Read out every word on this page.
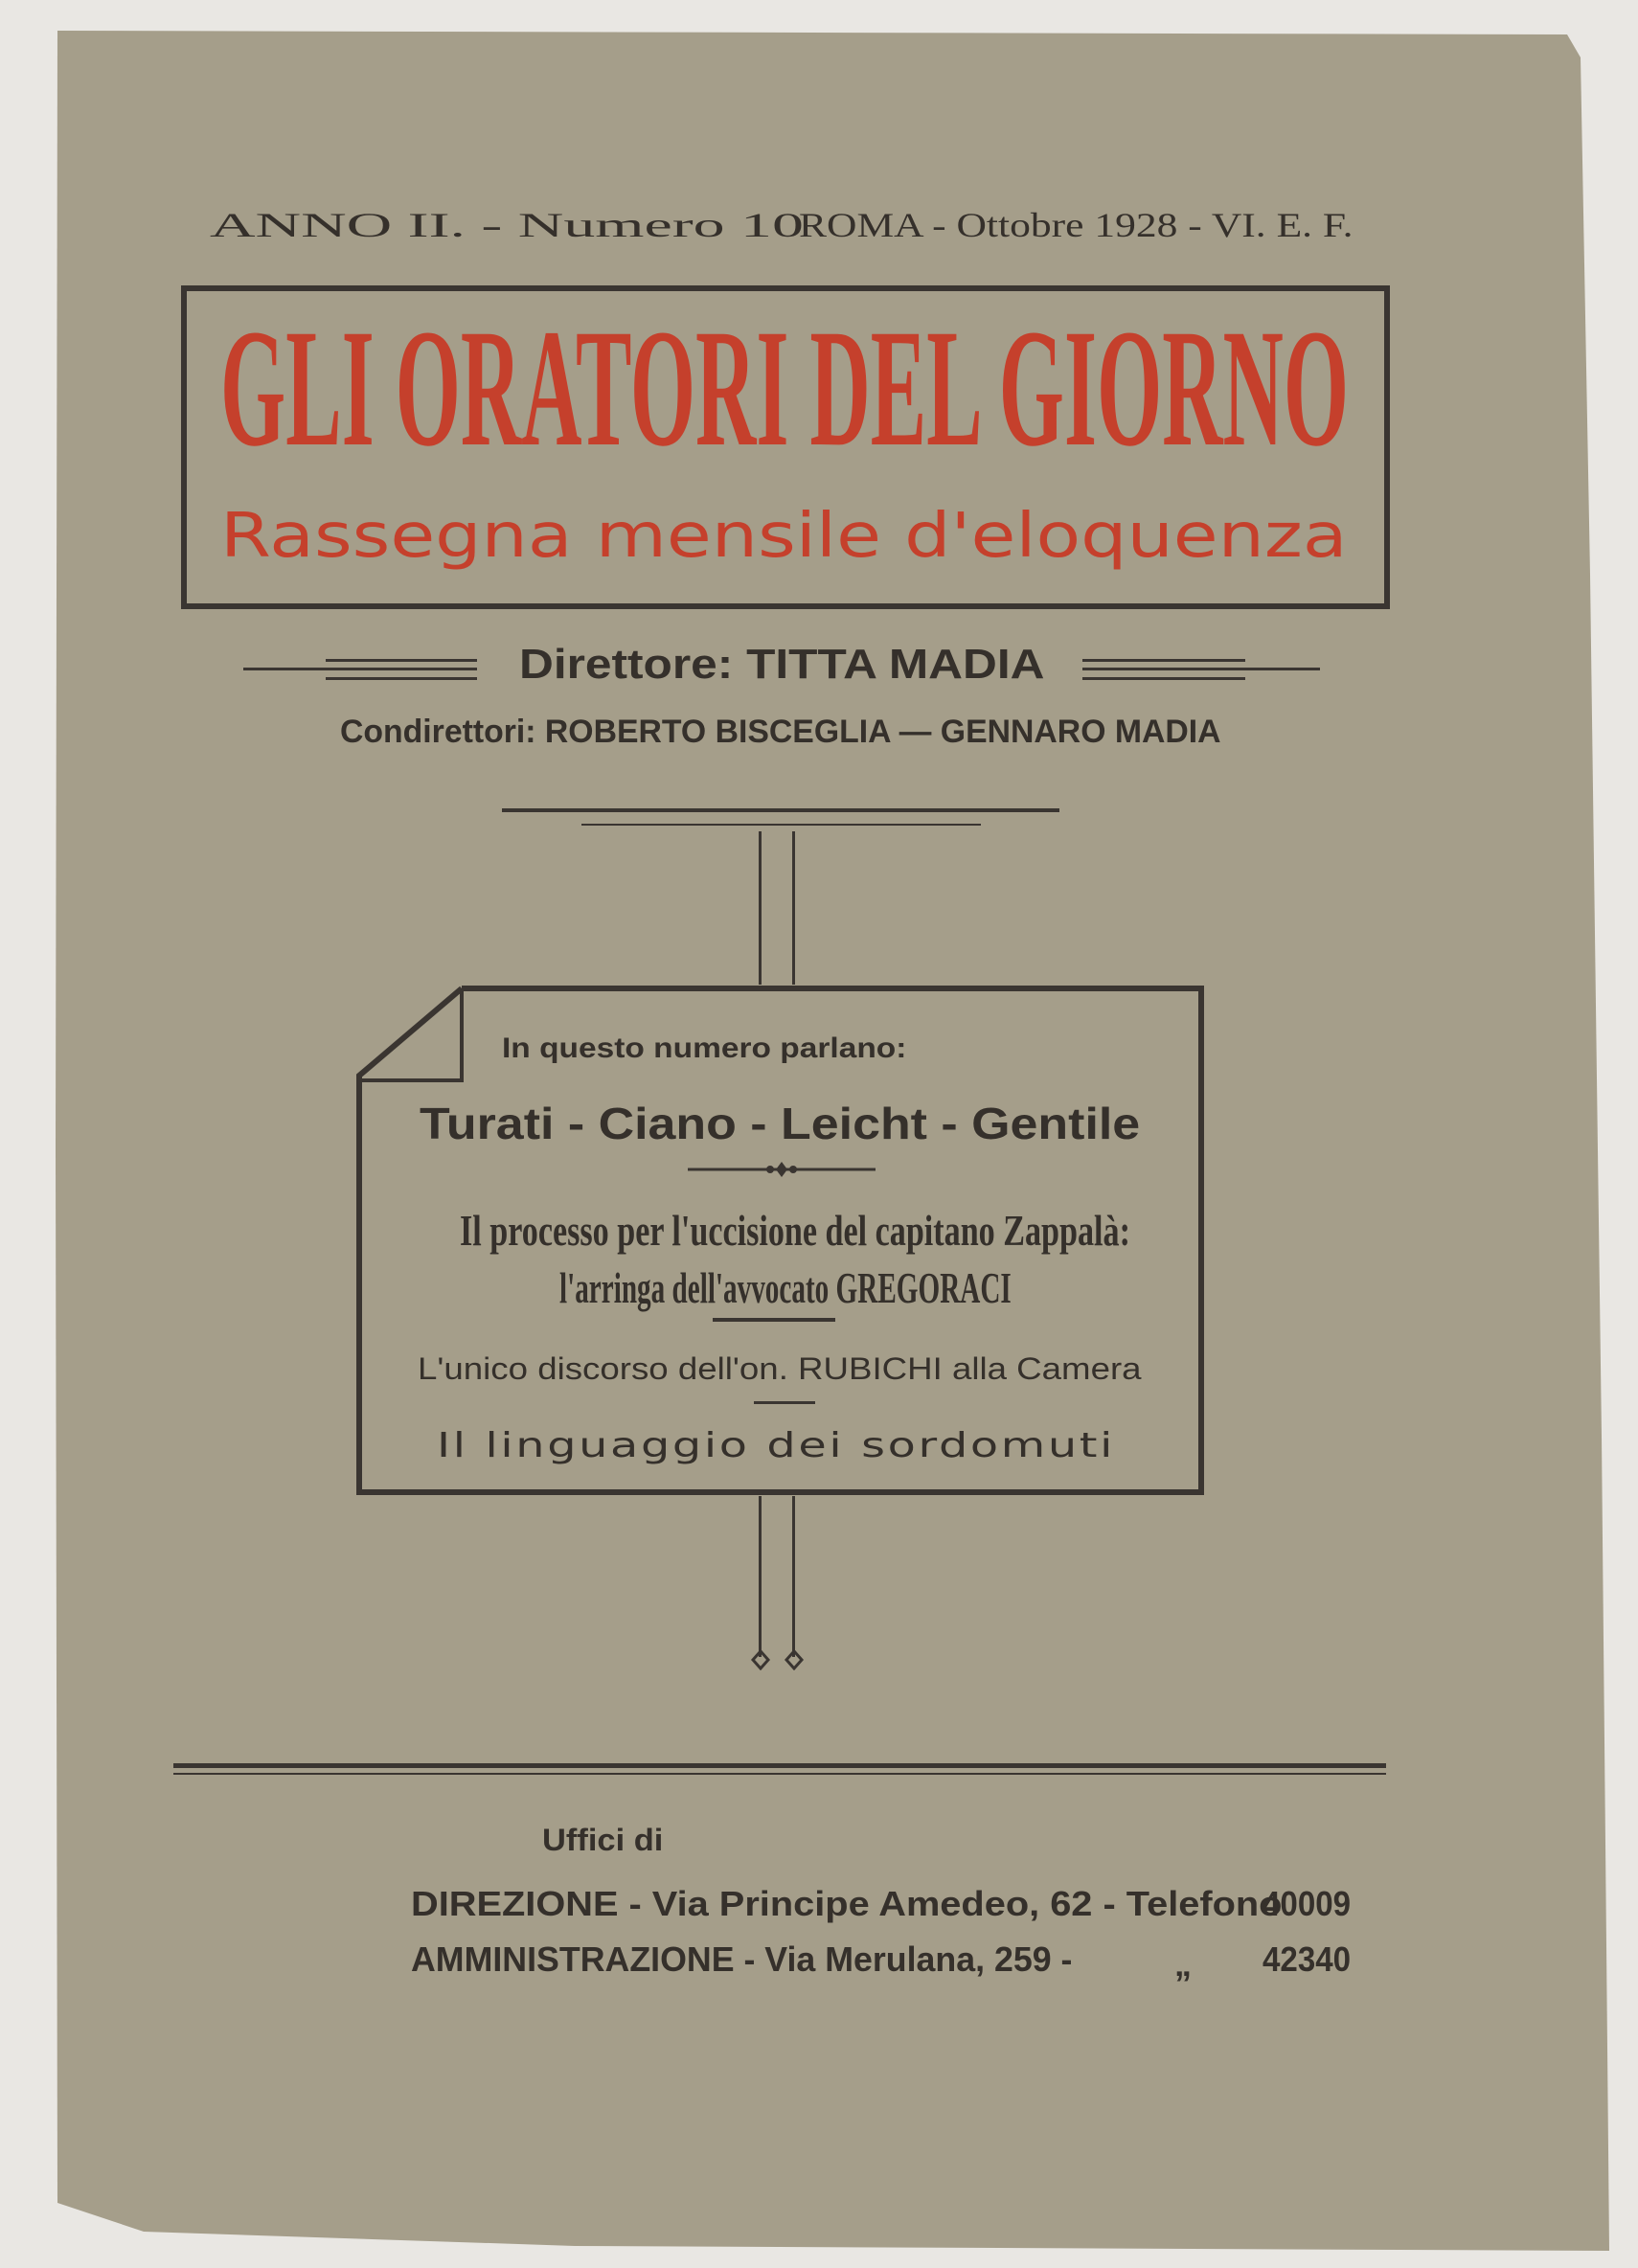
ANNO II. - Numero 10
ROMA - Ottobre 1928 - VI. E. F.
GLI ORATORI DEL GIORNO
Rassegna mensile d'eloquenza
Direttore: TITTA MADIA
Condirettori: ROBERTO BISCEGLIA — GENNARO MADIA
In questo numero parlano:
Turati - Ciano - Leicht - Gentile
Il processo per l'uccisione del capitano Zappalà:
l'arringa dell'avvocato GREGORACI
L'unico discorso dell'on. RUBICHI alla Camera
Il linguaggio dei sordomuti
Uffici di
DIREZIONE - Via Principe Amedeo, 62 - Telefono
40009
AMMINISTRAZIONE - Via Merulana, 259 -	„ 42340
